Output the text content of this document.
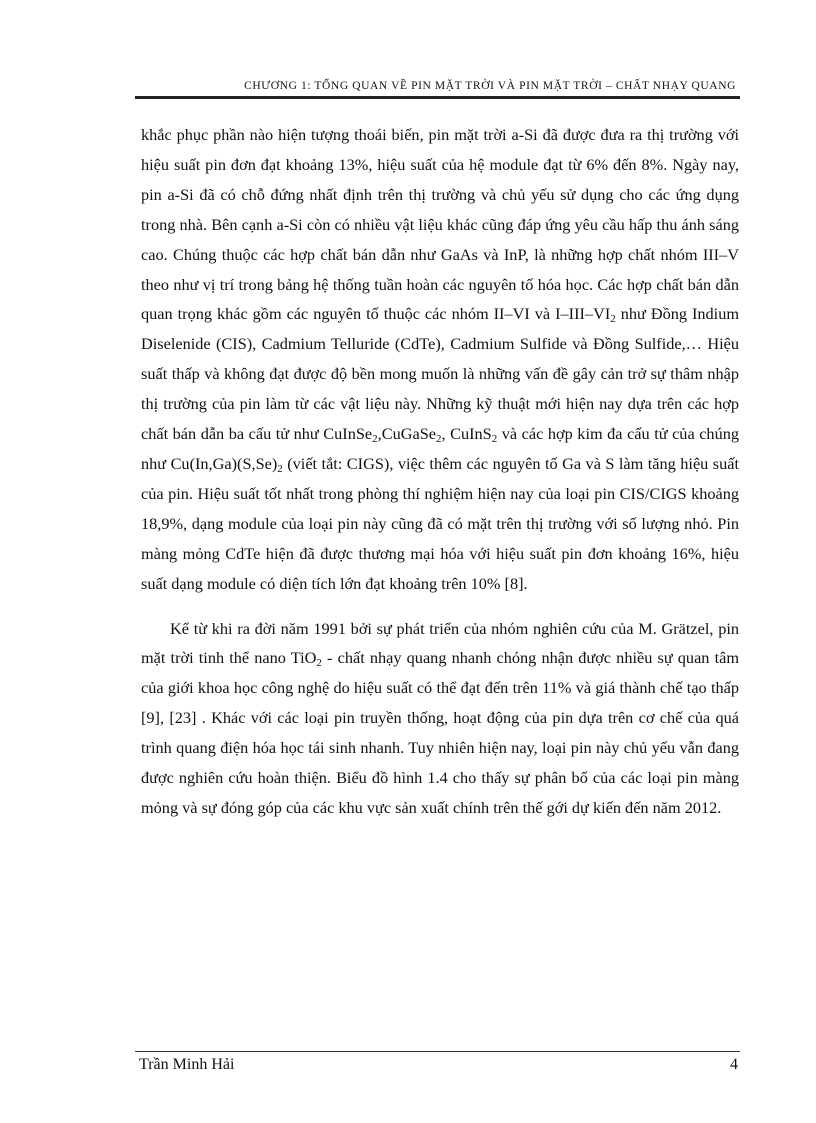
CHƯƠNG 1: TỔNG QUAN VỀ PIN MẶT TRỜI VÀ PIN MẶT TRỜI – CHẤT NHẠY QUANG

khắc phục phần nào hiện tượng thoái biến, pin mặt trời a-Si đã được đưa ra thị trường với hiệu suất pin đơn đạt khoảng 13%, hiệu suất của hệ module đạt từ 6% đến 8%. Ngày nay, pin a-Si đã có chỗ đứng nhất định trên thị trường và chủ yếu sử dụng cho các ứng dụng trong nhà. Bên cạnh a-Si còn có nhiều vật liệu khác cũng đáp ứng yêu cầu hấp thu ánh sáng cao. Chúng thuộc các hợp chất bán dẫn như GaAs và InP, là những hợp chất nhóm III–V theo như vị trí trong bảng hệ thống tuần hoàn các nguyên tố hóa học. Các hợp chất bán dẫn quan trọng khác gồm các nguyên tố thuộc các nhóm II–VI và $I-III-VI_2$ như Đồng Indium Diselenide (CIS), Cadmium Telluride (CdTe), Cadmium Sulfide và Đồng Sulfide,… Hiệu suất thấp và không đạt được độ bền mong muốn là những vấn đề gây cản trở sự thâm nhập thị trường của pin làm từ các vật liệu này. Những kỹ thuật mới hiện nay dựa trên các hợp chất bán dẫn ba cấu tử như CuInSe$_2$,CuGaSe$_2$, CuInS$_2$ và các hợp kim đa cấu tử của chúng như $Cu(In,Ga)(S,Se)_2$ (viết tắt: CIGS), việc thêm các nguyên tố Ga và S làm tăng hiệu suất của pin. Hiệu suất tốt nhất trong phòng thí nghiệm hiện nay của loại pin CIS/CIGS khoảng 18,9%, dạng module của loại pin này cũng đã có mặt trên thị trường với số lượng nhỏ. Pin màng mỏng CdTe hiện đã được thương mại hóa với hiệu suất pin đơn khoảng 16%, hiệu suất dạng module có diện tích lớn đạt khoảng trên 10% [8].

Kể từ khi ra đời năm 1991 bởi sự phát triển của nhóm nghiên cứu của M. Grätzel, pin mặt trời tinh thể nano TiO$_2$ - chất nhạy quang nhanh chóng nhận được nhiều sự quan tâm của giới khoa học công nghệ do hiệu suất có thể đạt đến trên 11% và giá thành chế tạo thấp [9], [23] . Khác với các loại pin truyền thống, hoạt động của pin dựa trên cơ chế của quá trình quang điện hóa học tái sinh nhanh. Tuy nhiên hiện nay, loại pin này chủ yếu vẫn đang được nghiên cứu hoàn thiện. Biểu đồ hình 1.4 cho thấy sự phân bố của các loại pin màng mỏng và sự đóng góp của các khu vực sản xuất chính trên thế gới dự kiến đến năm 2012.

Trần Minh Hải	4
